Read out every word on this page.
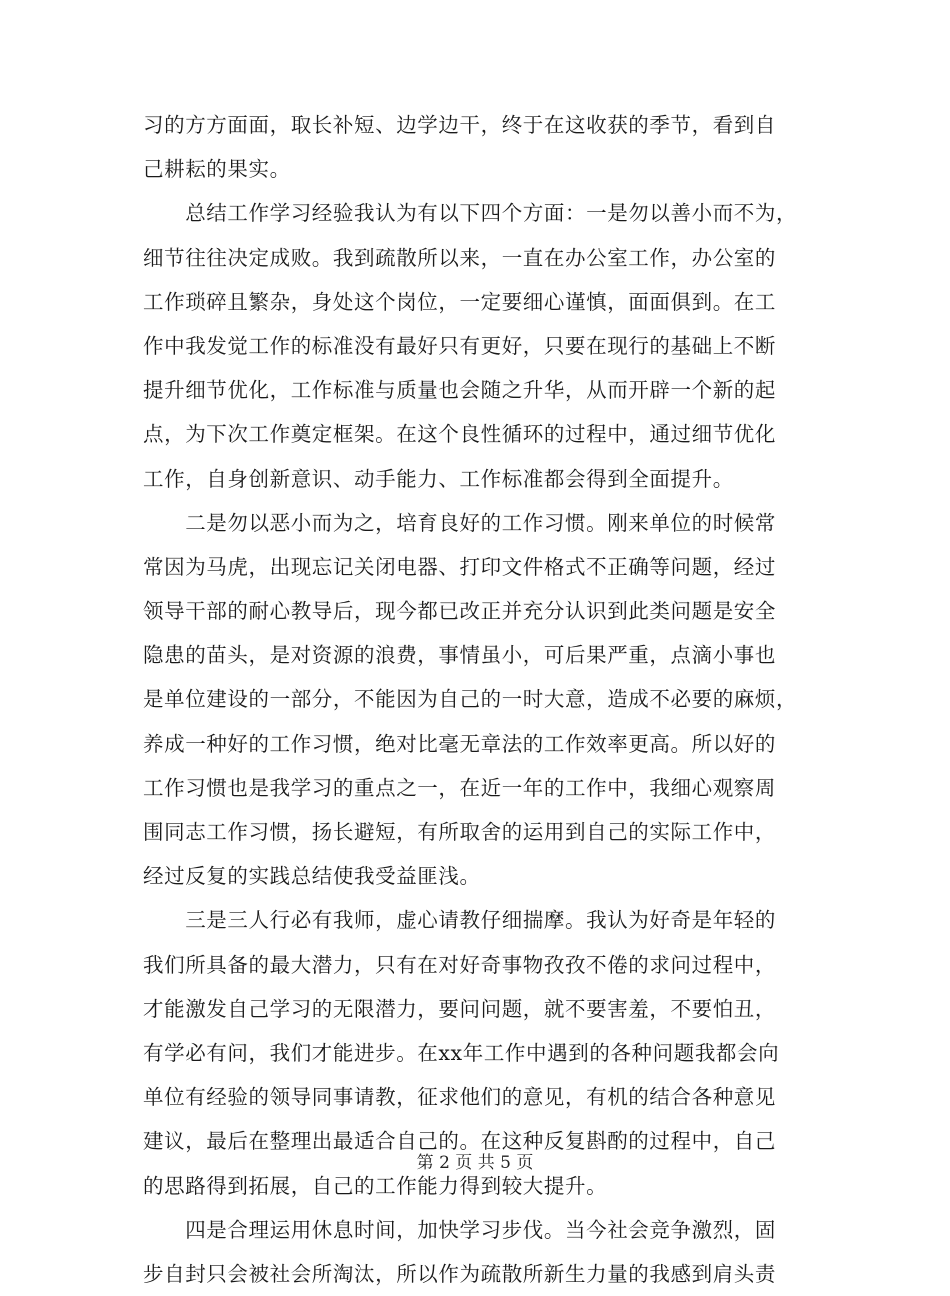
习的方方面面，取长补短、边学边干，终于在这收获的季节，看到自
己耕耘的果实。
　　总结工作学习经验我认为有以下四个方面：一是勿以善小而不为，
细节往往决定成败。我到疏散所以来，一直在办公室工作，办公室的
工作琐碎且繁杂，身处这个岗位，一定要细心谨慎，面面俱到。在工
作中我发觉工作的标准没有最好只有更好，只要在现行的基础上不断
提升细节优化，工作标准与质量也会随之升华，从而开辟一个新的起
点，为下次工作奠定框架。在这个良性循环的过程中，通过细节优化
工作，自身创新意识、动手能力、工作标准都会得到全面提升。
　　二是勿以恶小而为之，培育良好的工作习惯。刚来单位的时候常
常因为马虎，出现忘记关闭电器、打印文件格式不正确等问题，经过
领导干部的耐心教导后，现今都已改正并充分认识到此类问题是安全
隐患的苗头，是对资源的浪费，事情虽小，可后果严重，点滴小事也
是单位建设的一部分，不能因为自己的一时大意，造成不必要的麻烦，
养成一种好的工作习惯，绝对比毫无章法的工作效率更高。所以好的
工作习惯也是我学习的重点之一，在近一年的工作中，我细心观察周
围同志工作习惯，扬长避短，有所取舍的运用到自己的实际工作中，
经过反复的实践总结使我受益匪浅。
　　三是三人行必有我师，虚心请教仔细揣摩。我认为好奇是年轻的
我们所具备的最大潜力，只有在对好奇事物孜孜不倦的求问过程中，
才能激发自己学习的无限潜力，要问问题，就不要害羞，不要怕丑，
有学必有问，我们才能进步。在xx年工作中遇到的各种问题我都会向
单位有经验的领导同事请教，征求他们的意见，有机的结合各种意见
建议，最后在整理出最适合自己的。在这种反复斟酌的过程中，自己
的思路得到拓展，自己的工作能力得到较大提升。
　　四是合理运用休息时间，加快学习步伐。当今社会竞争激烈，固
步自封只会被社会所淘汰，所以作为疏散所新生力量的我感到肩头责
第 2 页 共 5 页
